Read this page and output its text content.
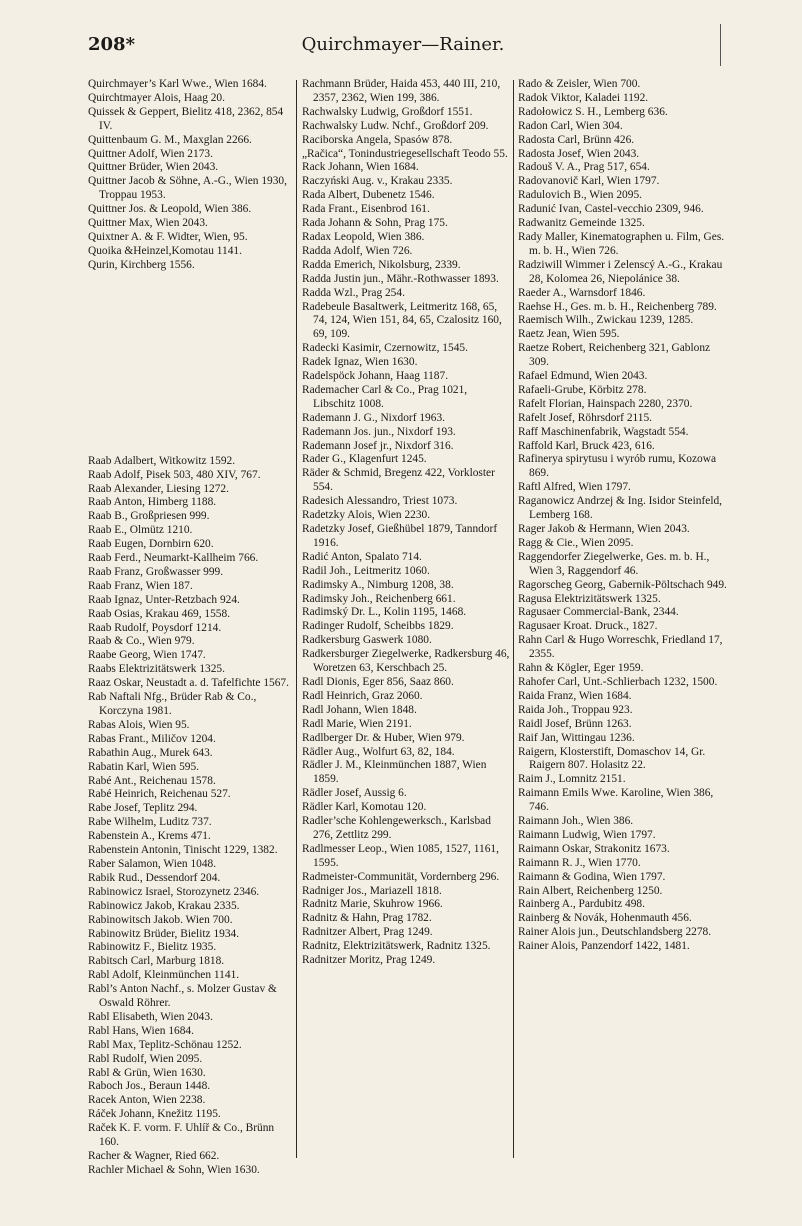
208*	Quirchmayer—Rainer.

Quirchmayer’s Karl Wwe., Wien 1684.

Quirchtmayer Alois, Haag 20.

Quissek & Geppert, Bielitz 418, 2362, 854 IV.

Quittenbaum G. M., Maxglan 2266.

Quittner Adolf, Wien 2173.

Quittner Brüder, Wien 2043.

Quittner Jacob & Söhne, A.-G., Wien 1930, Troppau 1953.

Quittner Jos. & Leopold, Wien 386.

Quittner Max, Wien 2043.

Quixtner A. & F. Widter, Wien, 95.

Quoika &Heinzel,Komotau 1141.

Qurin, Kirchberg 1556.

Raab Adalbert, Witkowitz 1592.

Raab Adolf, Pisek 503, 480 XIV, 767.

Raab Alexander, Liesing 1272.

Raab Anton, Himberg 1188.

Raab B., Großpriesen 999.

Raab E., Olmütz 1210.

Raab Eugen, Dornbirn 620.

Raab Ferd., Neumarkt-Kallheim 766.

Raab Franz, Großwasser 999.

Raab Franz, Wien 187.

Raab Ignaz, Unter-Retzbach 924.

Raab Osias, Krakau 469, 1558.

Raab Rudolf, Poysdorf 1214.

Raab & Co., Wien 979.

Raabe Georg, Wien 1747.

Raabs Elektrizitätswerk 1325.

Raaz Oskar, Neustadt a. d. Tafelfichte 1567.

Rab Naftali Nfg., Brüder Rab & Co., Korczyna 1981.

Rabas Alois, Wien 95.

Rabas Frant., Miličov 1204.

Rabathin Aug., Murek 643.

Rabatin Karl, Wien 595.

Rabé Ant., Reichenau 1578.

Rabé Heinrich, Reichenau 527.

Rabe Josef, Teplitz 294.

Rabe Wilhelm, Luditz 737.

Rabenstein A., Krems 471.

Rabenstein Antonin, Tinischt 1229, 1382.

Raber Salamon, Wien 1048.

Rabik Rud., Dessendorf 204.

Rabinowicz Israel, Storozynetz 2346.

Rabinowicz Jakob, Krakau 2335.

Rabinowitsch Jakob. Wien 700.

Rabinowitz Brüder, Bielitz 1934.

Rabinowitz F., Bielitz 1935.

Rabitsch Carl, Marburg 1818.

Rabl Adolf, Kleinmünchen 1141.

Rabl’s Anton Nachf., s. Molzer Gustav & Oswald Röhrer.

Rabl Elisabeth, Wien 2043.

Rabl Hans, Wien 1684.

Rabl Max, Teplitz-Schönau 1252.

Rabl Rudolf, Wien 2095.

Rabl & Grün, Wien 1630.

Raboch Jos., Beraun 1448.

Racek Anton, Wien 2238.

Ráček Johann, Knežitz 1195.

Raček K. F. vorm. F. Uhlíř & Co., Brünn 160.

Racher & Wagner, Ried 662.

Rachler Michael & Sohn, Wien 1630.

Rachmann Brüder, Haida 453, 440 III, 210, 2357, 2362, Wien 199, 386.

Rachwalsky Ludwig, Großdorf 1551.

Rachwalsky Ludw. Nchf., Großdorf 209.

Raciborska Angela, Spasów 878.

„Račica“, Tonindustriegesellschaft Teodo 55.

Rack Johann, Wien 1684.

Raczyński Aug. v., Krakau 2335.

Rada Albert, Dubenetz 1546.

Rada Frant., Eisenbrod 161.

Rada Johann & Sohn, Prag 175.

Radax Leopold, Wien 386.

Radda Adolf, Wien 726.

Radda Emerich, Nikolsburg, 2339.

Radda Justin jun., Mähr.-Rothwasser 1893.

Radda Wzl., Prag 254.

Radebeule Basaltwerk, Leitmeritz 168, 65, 74, 124, Wien 151, 84, 65, Czalositz 160, 69, 109.

Radecki Kasimir, Czernowitz, 1545.

Radek Ignaz, Wien 1630.

Radelspöck Johann, Haag 1187.

Rademacher Carl & Co., Prag 1021, Libschitz 1008.

Rademann J. G., Nixdorf 1963.

Rademann Jos. jun., Nixdorf 193.

Rademann Josef jr., Nixdorf 316.

Rader G., Klagenfurt 1245.

Räder & Schmid, Bregenz 422, Vorkloster 554.

Radesich Alessandro, Triest 1073.

Radetzky Alois, Wien 2230.

Radetzky Josef, Gießhübel 1879, Tanndorf 1916.

Radić Anton, Spalato 714.

Radil Joh., Leitmeritz 1060.

Radimsky A., Nimburg 1208, 38.

Radimsky Joh., Reichenberg 661.

Radimský Dr. L., Kolin 1195, 1468.

Radinger Rudolf, Scheibbs 1829.

Radkersburg Gaswerk 1080.

Radkersburger Ziegelwerke, Radkersburg 46, Woretzen 63, Kerschbach 25.

Radl Dionis, Eger 856, Saaz 860.

Radl Heinrich, Graz 2060.

Radl Johann, Wien 1848.

Radl Marie, Wien 2191.

Radlberger Dr. & Huber, Wien 979.

Rädler Aug., Wolfurt 63, 82, 184.

Rädler J. M., Kleinmünchen 1887, Wien 1859.

Rädler Josef, Aussig 6.

Rädler Karl, Komotau 120.

Radler’sche Kohlengewerksch., Karlsbad 276, Zettlitz 299.

Radlmesser Leop., Wien 1085, 1527, 1161, 1595.

Radmeister-Communität, Vordernberg 296.

Radniger Jos., Mariazell 1818.

Radnitz Marie, Skuhrow 1966.

Radnitz & Hahn, Prag 1782.

Radnitzer Albert, Prag 1249.

Radnitz, Elektrizitätswerk, Radnitz 1325.

Radnitzer Moritz, Prag 1249.

Rado & Zeisler, Wien 700.

Radok Viktor, Kaladei 1192.

Radołowicz S. H., Lemberg 636.

Radon Carl, Wien 304.

Radosta Carl, Brünn 426.

Radosta Josef, Wien 2043.

Radouš V. A., Prag 517, 654.

Radovanovič Karl, Wien 1797.

Radulovich B., Wien 2095.

Radunić Ivan, Castel-vecchio 2309, 946.

Radwanitz Gemeinde 1325.

Rady Maller, Kinematographen u. Film, Ges. m. b. H., Wien 726.

Radziwill Wimmer i Zelenscý A.-G., Krakau 28, Kolomea 26, Niepolánice 38.

Raeder A., Warnsdorf 1846.

Raehse H., Ges. m. b. H., Reichenberg 789.

Raemisch Wilh., Zwickau 1239, 1285.

Raetz Jean, Wien 595.

Raetze Robert, Reichenberg 321, Gablonz 309.

Rafael Edmund, Wien 2043.

Rafaeli-Grube, Körbitz 278.

Rafelt Florian, Hainspach 2280, 2370.

Rafelt Josef, Röhrsdorf 2115.

Raff Maschinenfabrik, Wagstadt 554.

Raffold Karl, Bruck 423, 616.

Rafinerya spirytusu i wyrób rumu, Kozowa 869.

Raftl Alfred, Wien 1797.

Raganowicz Andrzej & Ing. Isidor Steinfeld, Lemberg 168.

Rager Jakob & Hermann, Wien 2043.

Ragg & Cie., Wien 2095.

Raggendorfer Ziegelwerke, Ges. m. b. H., Wien 3, Raggendorf 46.

Ragorscheg Georg, Gabernik-Pöltschach 949.

Ragusa Elektrizitätswerk 1325.

Ragusaer Commercial-Bank, 2344.

Ragusaer Kroat. Druck., 1827.

Rahn Carl & Hugo Worreschk, Friedland 17, 2355.

Rahn & Kögler, Eger 1959.

Rahofer Carl, Unt.-Schlierbach 1232, 1500.

Raida Franz, Wien 1684.

Raida Joh., Troppau 923.

Raidl Josef, Brünn 1263.

Raif Jan, Wittingau 1236.

Raigern, Klosterstift, Domaschov 14, Gr. Raigern 807. Holasitz 22.

Raim J., Lomnitz 2151.

Raimann Emils Wwe. Karoline, Wien 386, 746.

Raimann Joh., Wien 386.

Raimann Ludwig, Wien 1797.

Raimann Oskar, Strakonitz 1673.

Raimann R. J., Wien 1770.

Raimann & Godina, Wien 1797.

Rain Albert, Reichenberg 1250.

Rainberg A., Pardubitz 498.

Rainberg & Novák, Hohenmauth 456.

Rainer Alois jun., Deutschlandsberg 2278.

Rainer Alois, Panzendorf 1422, 1481.
